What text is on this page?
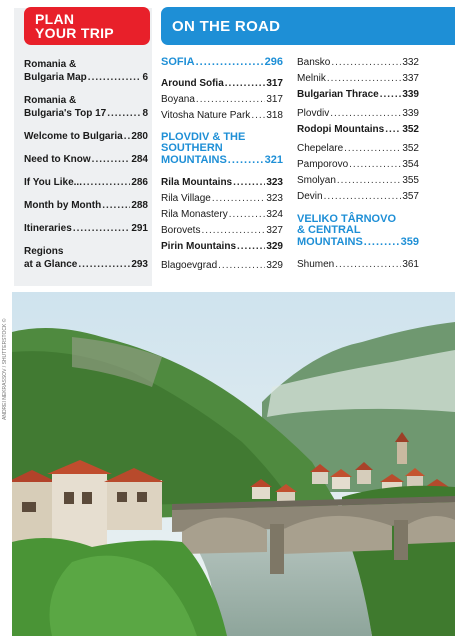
PLAN
YOUR TRIP	ON THE ROAD
Romania &
Bulgaria Map .....	6
Romania &
Bulgaria's Top 17 .....	8
Welcome to Bulgaria ..... 280
Need to Know .....	284
If You Like... .....	286
Month by Month .....	288
Itineraries .....	291
Regions
at a Glance .....	293
SOFIA .....	296
Around Sofia .....	317
Boyana .....	317
Vitosha Nature Park ..... 318
PLOVDIV & THE
SOUTHERN
MOUNTAINS .....	321
Rila Mountains .....	323
Rila Village .....	323
Rila Monastery .....	324
Borovets .....	327
Pirin Mountains .....	329
Blagoevgrad .....	329
Bansko .....	332
Melnik .....	337
Bulgarian Thrace ..... 339
Plovdiv .....	339
Rodopi Mountains ..... 352
Chepelare .....	352
Pamporovo .....	354
Smolyan .....	355
Devin .....	357
VELIKO TÂRNOVO
& CENTRAL
MOUNTAINS .....	359
Shumen .....	361
ANDREI NEKRASSOV / SHUTTERSTOCK ©
